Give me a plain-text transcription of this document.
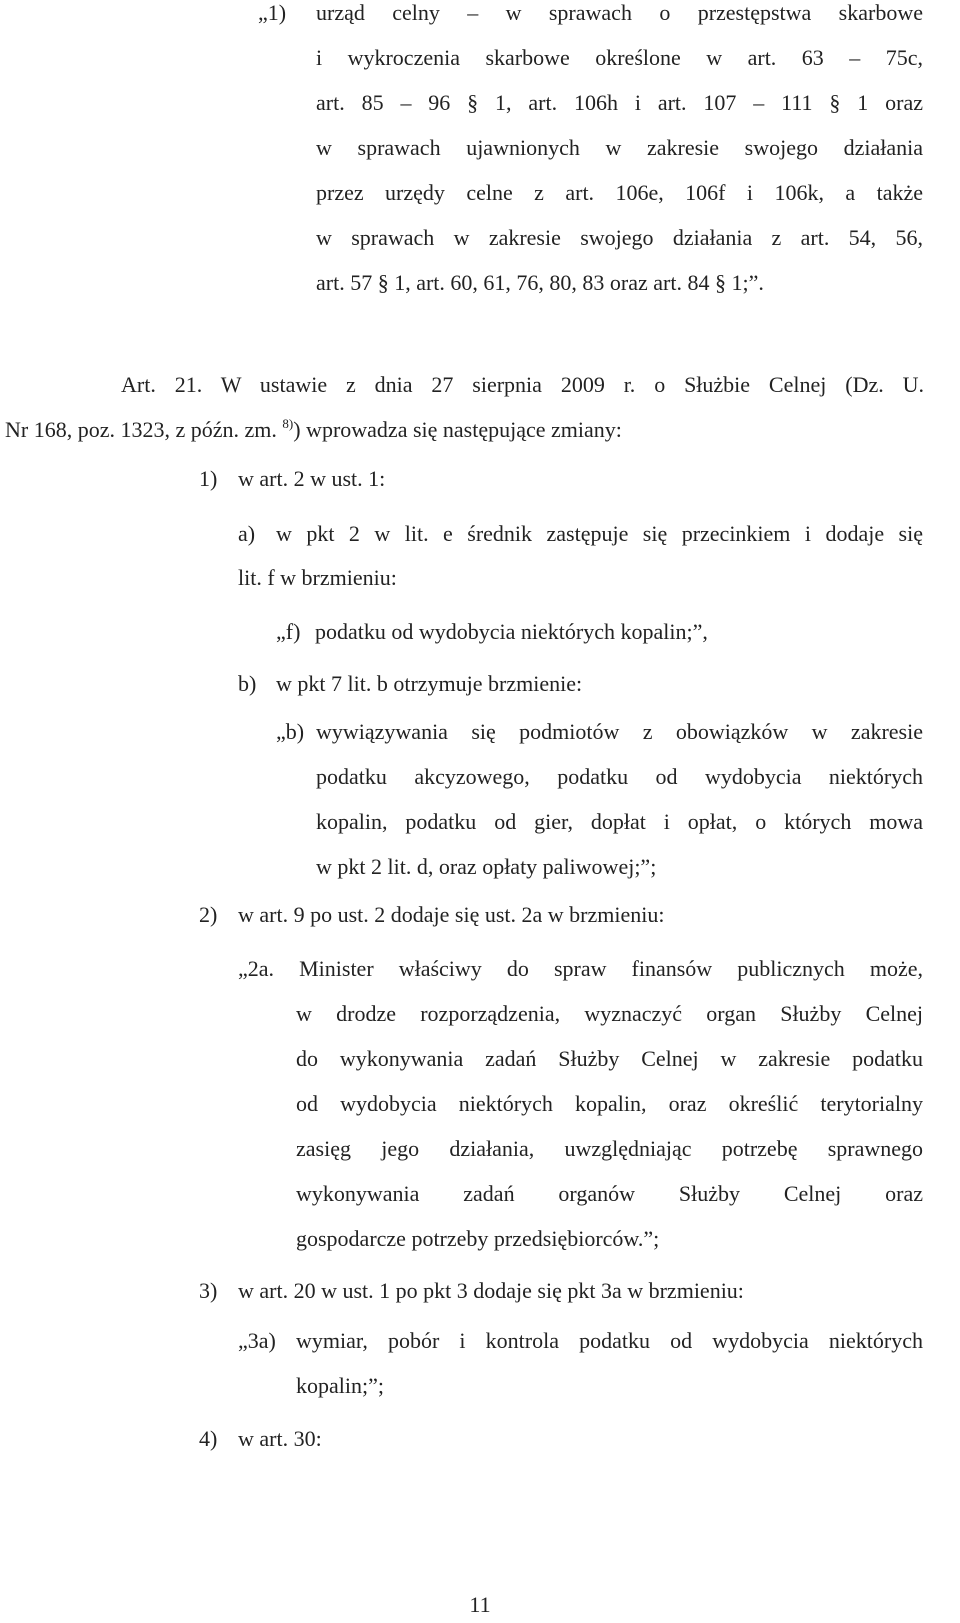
„1) urząd celny – w sprawach o przestępstwa skarbowe
i wykroczenia skarbowe określone w art. 63 – 75c,
art. 85 – 96 § 1, art. 106h i art. 107 – 111 § 1 oraz
w sprawach ujawnionych w zakresie swojego działania
przez urzędy celne z art. 106e, 106f i 106k, a także
w sprawach w zakresie swojego działania z art. 54, 56,
art. 57 § 1, art. 60, 61, 76, 80, 83 oraz art. 84 § 1;”.
Art. 21. W ustawie z dnia 27 sierpnia 2009 r. o Służbie Celnej (Dz. U.
Nr 168, poz. 1323, z późn. zm. $^{8)}$) wprowadza się następujące zmiany:
1) w art. 2 w ust. 1:
a) w pkt 2 w lit. e średnik zastępuje się przecinkiem i dodaje się
lit. f w brzmieniu:
„f) podatku od wydobycia niektórych kopalin;”,
b) w pkt 7 lit. b otrzymuje brzmienie:
„b) wywiązywania się podmiotów z obowiązków w zakresie
podatku akcyzowego, podatku od wydobycia niektórych
kopalin, podatku od gier, dopłat i opłat, o których mowa
w pkt 2 lit. d, oraz opłaty paliwowej;”;
2) w art. 9 po ust. 2 dodaje się ust. 2a w brzmieniu:
„2a. Minister właściwy do spraw finansów publicznych może,
w drodze rozporządzenia, wyznaczyć organ Służby Celnej
do wykonywania zadań Służby Celnej w zakresie podatku
od wydobycia niektórych kopalin, oraz określić terytorialny
zasięg jego działania, uwzględniając potrzebę sprawnego
wykonywania zadań organów Służby Celnej oraz
gospodarcze potrzeby przedsiębiorców.”;
3) w art. 20 w ust. 1 po pkt 3 dodaje się pkt 3a w brzmieniu:
„3a) wymiar, pobór i kontrola podatku od wydobycia niektórych
kopalin;”;
4) w art. 30:
11
